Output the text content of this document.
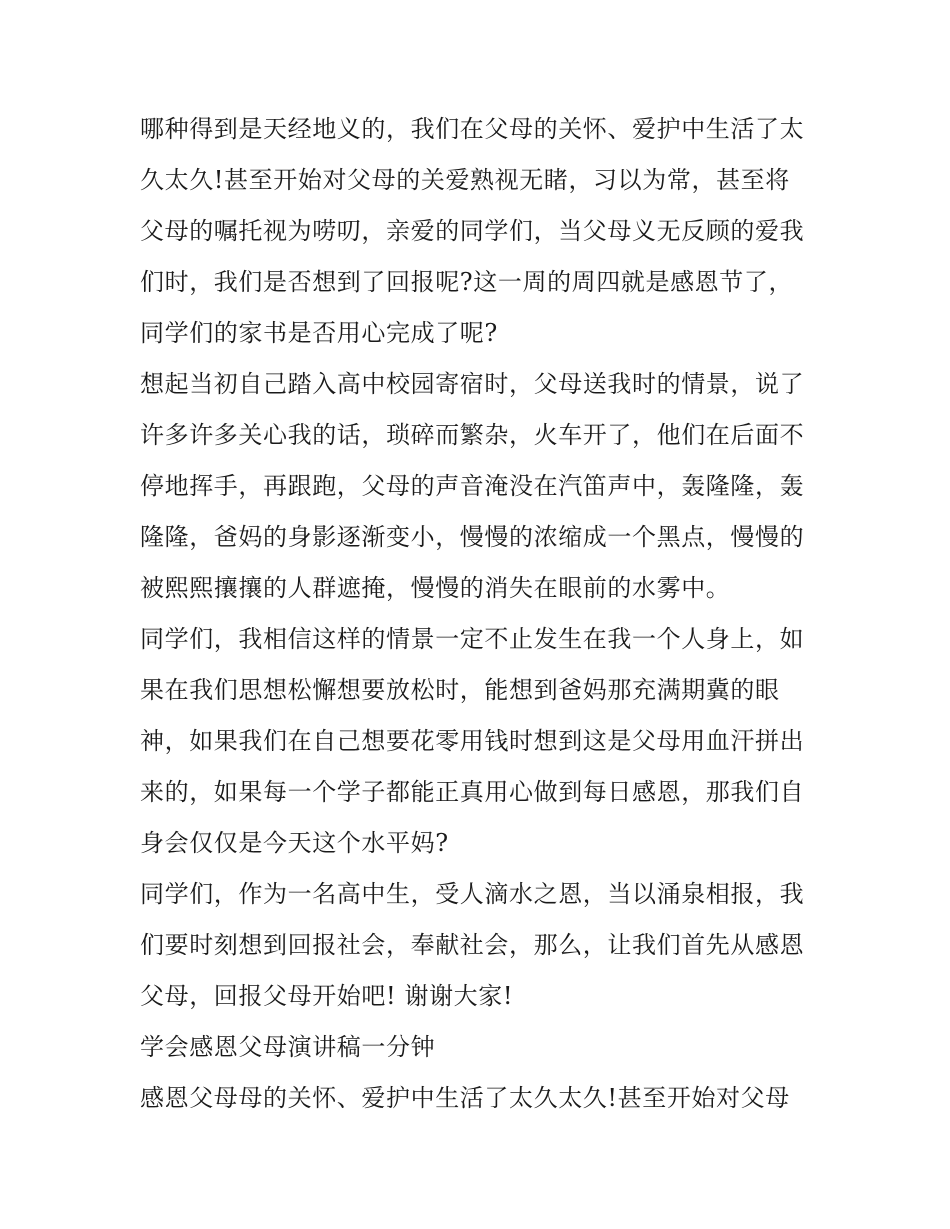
哪种得到是天经地义的，我们在父母的关怀、爱护中生活了太
久太久!甚至开始对父母的关爱熟视无睹，习以为常，甚至将
父母的嘱托视为唠叨，亲爱的同学们，当父母义无反顾的爱我
们时，我们是否想到了回报呢?这一周的周四就是感恩节了，
同学们的家书是否用心完成了呢?
想起当初自己踏入高中校园寄宿时，父母送我时的情景，说了
许多许多关心我的话，琐碎而繁杂，火车开了，他们在后面不
停地挥手，再跟跑，父母的声音淹没在汽笛声中，轰隆隆，轰
隆隆，爸妈的身影逐渐变小，慢慢的浓缩成一个黑点，慢慢的
被熙熙攘攘的人群遮掩，慢慢的消失在眼前的水雾中。
同学们，我相信这样的情景一定不止发生在我一个人身上，如
果在我们思想松懈想要放松时，能想到爸妈那充满期冀的眼
神，如果我们在自己想要花零用钱时想到这是父母用血汗拼出
来的，如果每一个学子都能正真用心做到每日感恩，那我们自
身会仅仅是今天这个水平妈?
同学们，作为一名高中生，受人滴水之恩，当以涌泉相报，我
们要时刻想到回报社会，奉献社会，那么，让我们首先从感恩
父母，回报父母开始吧! 谢谢大家!
学会感恩父母演讲稿一分钟
感恩父母母的关怀、爱护中生活了太久太久!甚至开始对父母
